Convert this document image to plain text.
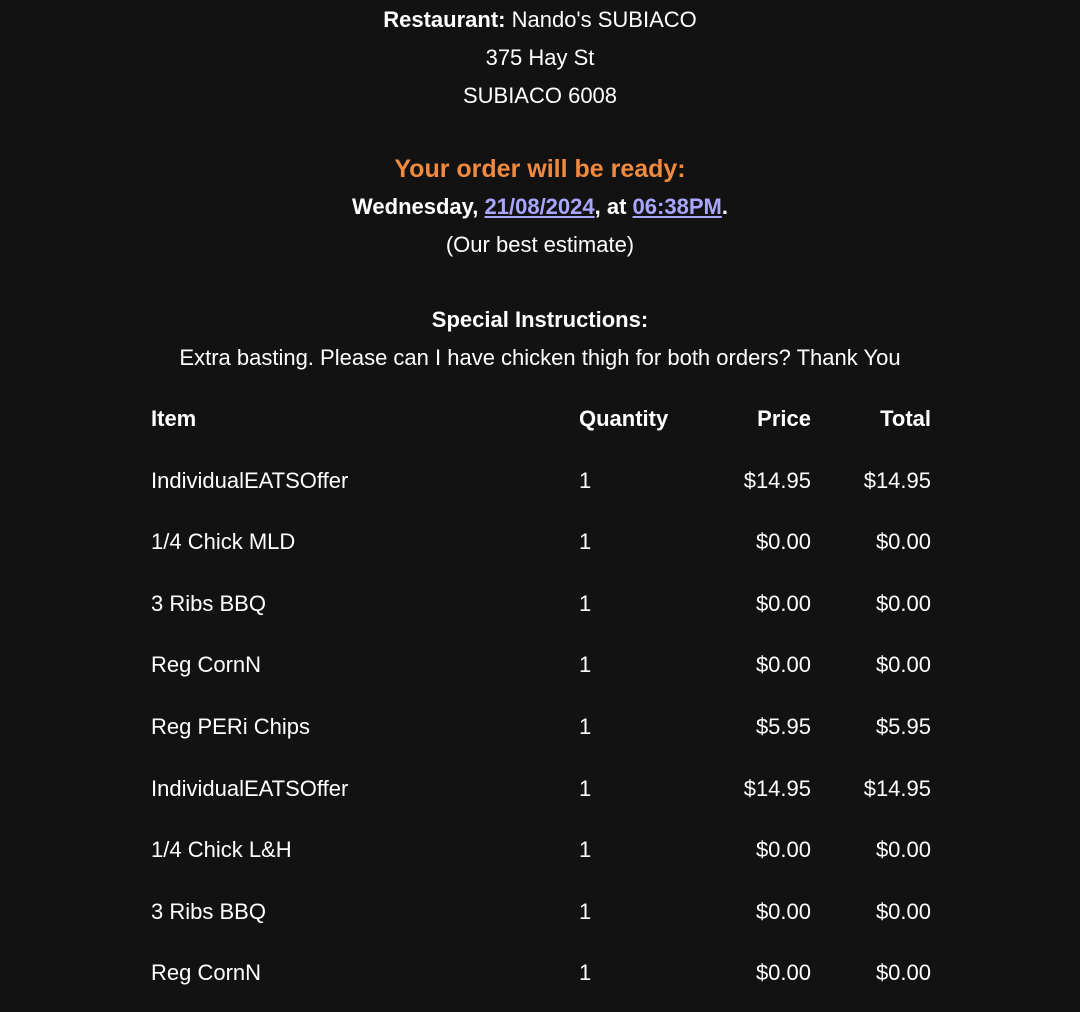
Restaurant: Nando's SUBIACO
375 Hay St
SUBIACO 6008
Your order will be ready:
Wednesday, 21/08/2024, at 06:38PM.
(Our best estimate)
Special Instructions:
Extra basting. Please can I have chicken thigh for both orders? Thank You
Item	Quantity	Price	Total
IndividualEATSOffer	1	$14.95 $14.95
1/4 Chick MLD	1	$0.00	$0.00
3 Ribs BBQ	1	$0.00	$0.00
Reg CornN	1	$0.00	$0.00
Reg PERi Chips	1	$5.95	$5.95
IndividualEATSOffer	1	$14.95 $14.95
1/4 Chick L&H	1	$0.00	$0.00
3 Ribs BBQ	1	$0.00	$0.00
Reg CornN	1	$0.00	$0.00
